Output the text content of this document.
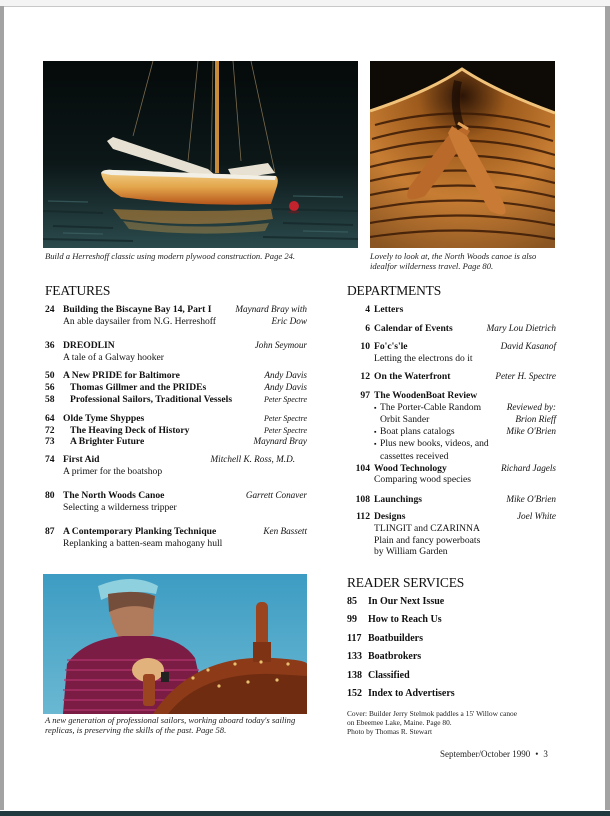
Build a Herreshoff classic using modern plywood construction. Page 24.	Lovely to look at, the North Woods canoe is also idealfor wilderness travel. Page 80.
A new generation of professional sailors, working aboard today's sailing replicas, is preserving the skills of the past. Page 58.
FEATURES
24 Building the Biscayne Bay 14, Part I	Maynard Bray with
An able daysailer from N.G. Herreshoff	Eric Dow
36 DREODLIN	John Seymour
A tale of a Galway hooker
50 A New PRIDE for Baltimore	Andy Davis
56	Thomas Gillmer and the PRIDEs	Andy Davis
58	Professional Sailors, Traditional Vessels	Peter Spectre
64 Olde Tyme Shyppes	Peter Spectre
72	The Heaving Deck of History	Peter Spectre
73	A Brighter Future	Maynard Bray
74 First Aid	Mitchell K. Ross, M.D.
A primer for the boatshop
80 The North Woods Canoe	Garrett Conaver
Selecting a wilderness tripper
87 A Contemporary Planking Technique	Ken Bassett
Replanking a batten-seam mahogany hull
DEPARTMENTS
4 Letters
6 Calendar of Events	Mary Lou Dietrich
10 Fo'c's'le	David Kasanof
Letting the electrons do it
12 On the Waterfront	Peter H. Spectre
97 The WoodenBoat Review
▪ The Porter-Cable Random	Reviewed by:
Orbit Sander	Brion Rieff
▪ Boat plans catalogs	Mike O'Brien
▪ Plus new books, videos, and
cassettes received
104 Wood Technology	Richard Jagels
Comparing wood species
108 Launchings	Mike O'Brien
112 Designs	Joel White
TLINGIT and CZARINNA
Plain and fancy powerboats
by William Garden
READER SERVICES
85 In Our Next Issue
99 How to Reach Us
117 Boatbuilders
133 Boatbrokers
138 Classified
152 Index to Advertisers
Cover: Builder Jerry Stelmok paddles a 15' Willow canoe
on Ebeemee Lake, Maine. Page 80.
Photo by Thomas R. Stewart
September/October 1990 • 3
